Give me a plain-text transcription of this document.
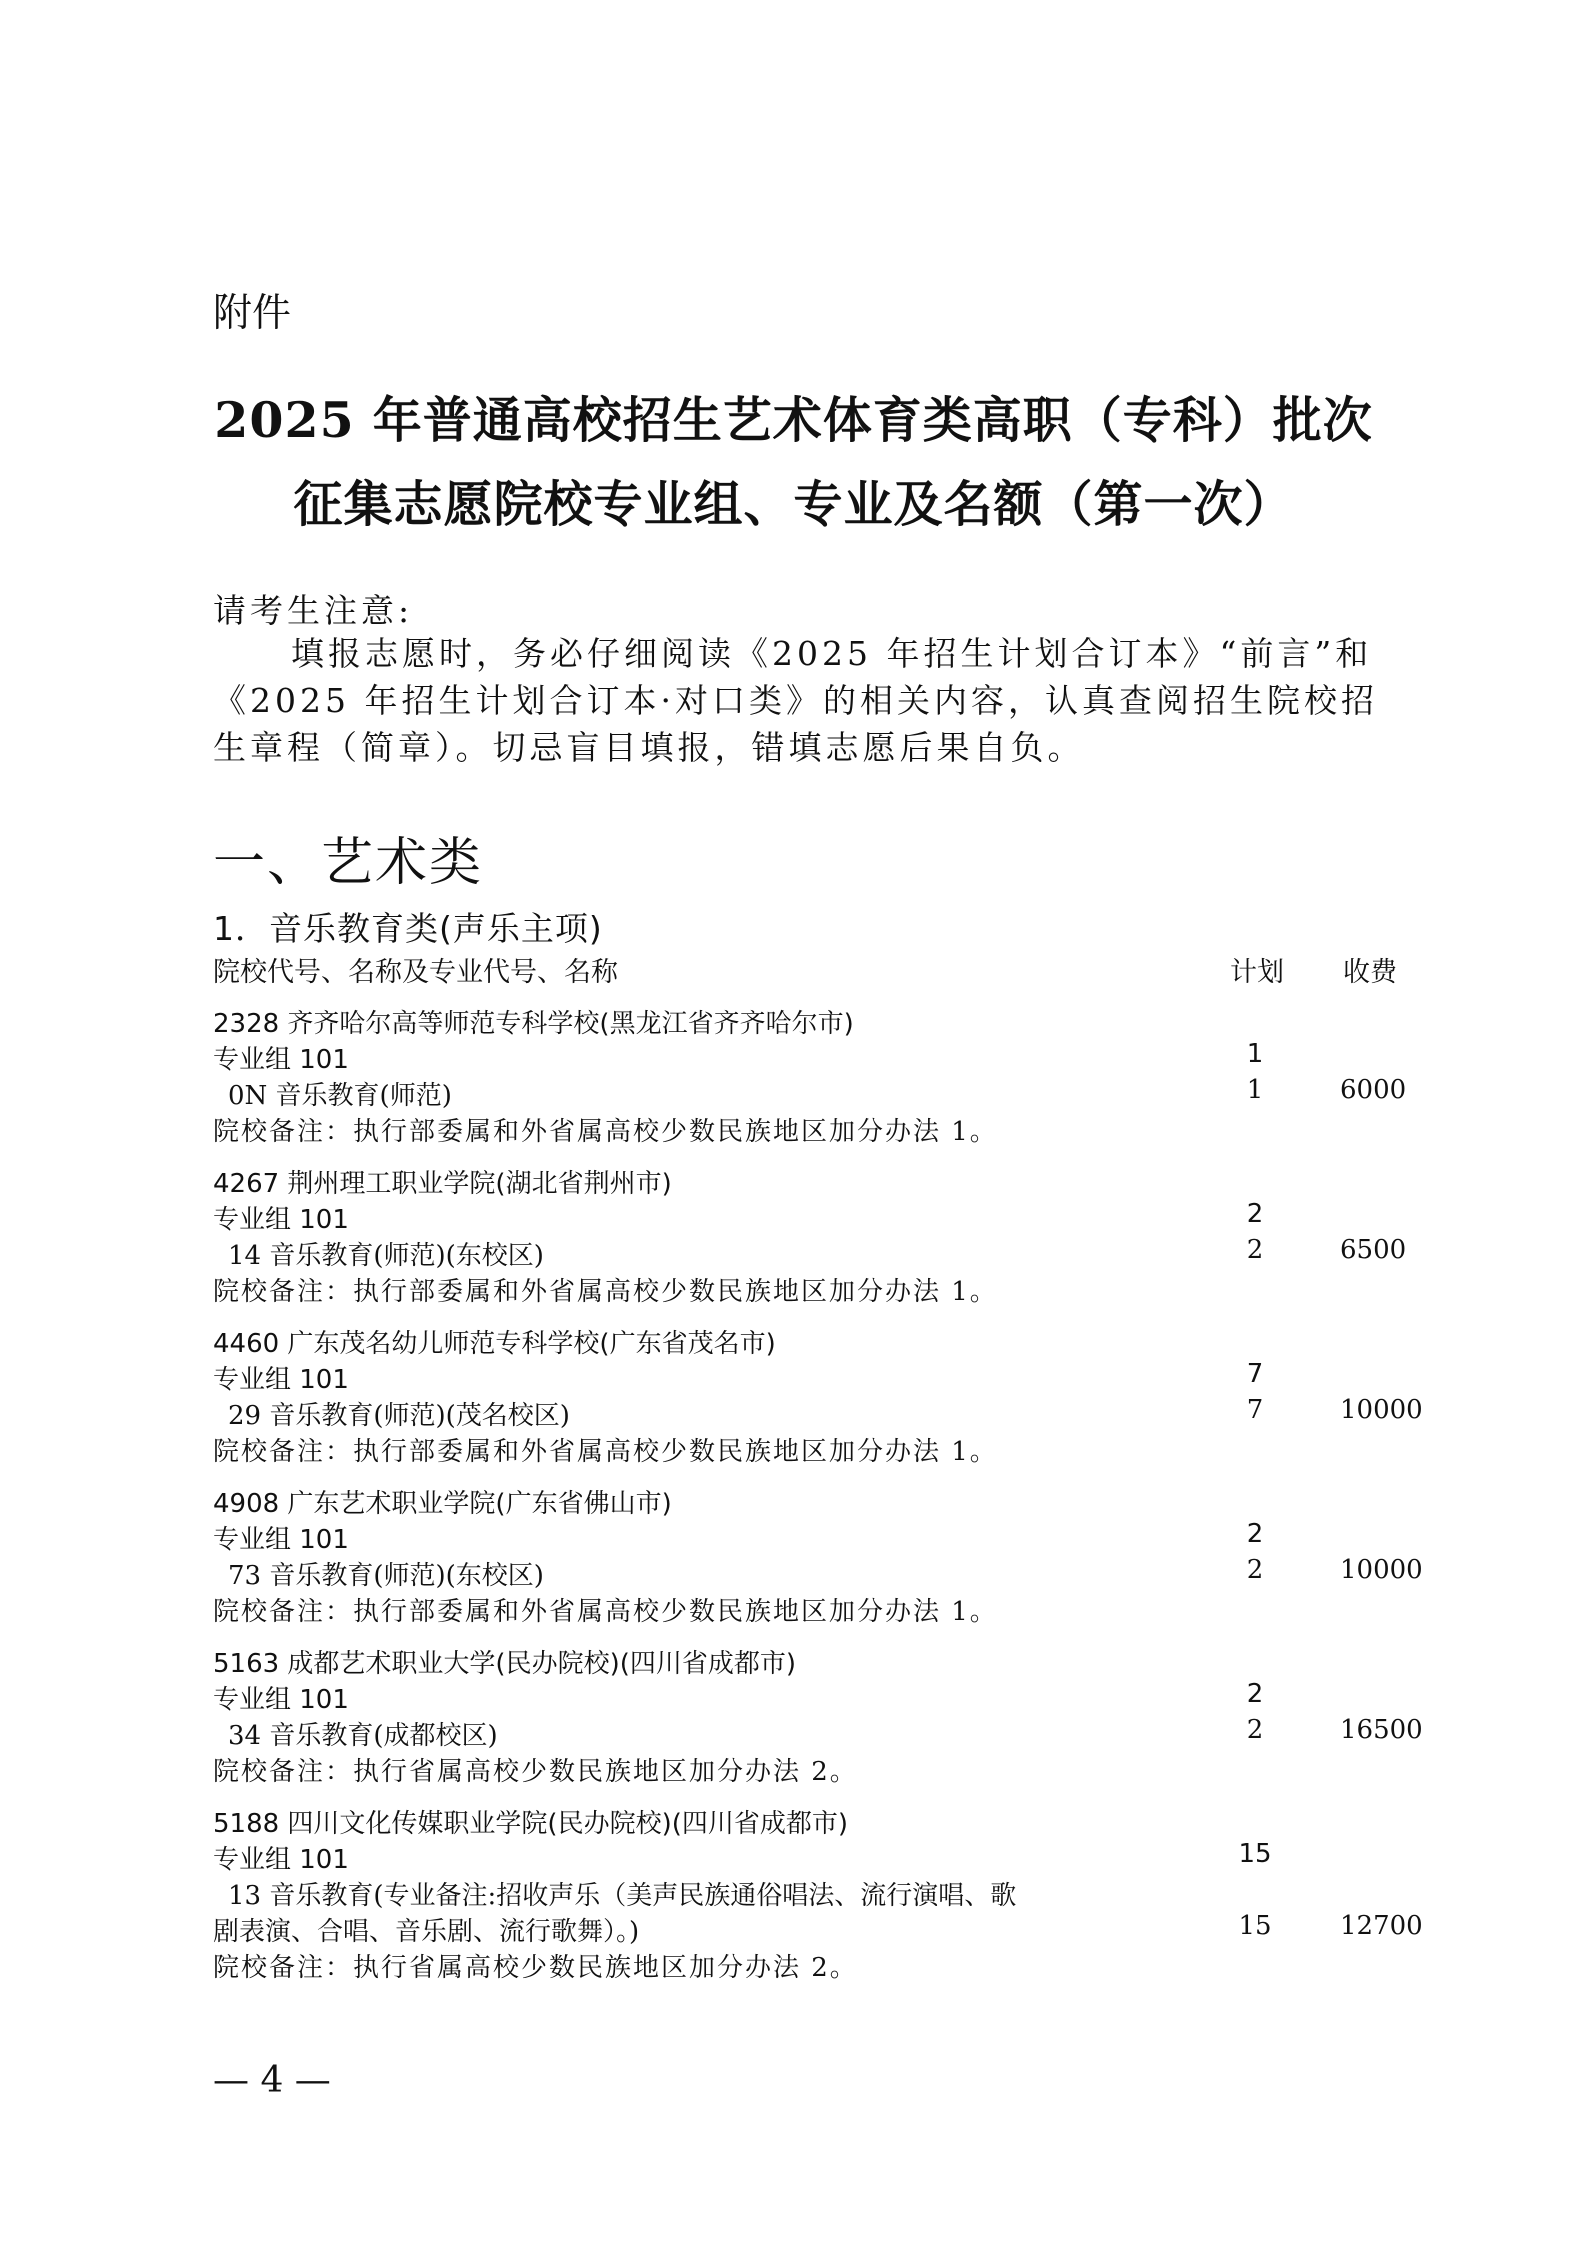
附件
2025 年普通高校招生艺术体育类高职（专科）批次
征集志愿院校专业组、专业及名额（第一次）
请考生注意:

填报志愿时，务必仔细阅读《2025 年招生计划合订本》“前言”和《2025 年招生计划合订本·对口类》的相关内容，认真查阅招生院校招生章程（简章）。切忌盲目填报，错填志愿后果自负。

一、艺术类
1．音乐教育类(声乐主项)
院校代号、名称及专业代号、名称	计划 收费
2328 齐齐哈尔高等师范专科学校(黑龙江省齐齐哈尔市)
专业组 101	1
0N 音乐教育(师范)	1	6000
院校备注：执行部委属和外省属高校少数民族地区加分办法 1。
4267 荆州理工职业学院(湖北省荆州市)
专业组 101	2
14 音乐教育(师范)(东校区)	2	6500
院校备注：执行部委属和外省属高校少数民族地区加分办法 1。
4460 广东茂名幼儿师范专科学校(广东省茂名市)
专业组 101	7
29 音乐教育(师范)(茂名校区)	7	10000
院校备注：执行部委属和外省属高校少数民族地区加分办法 1。
4908 广东艺术职业学院(广东省佛山市)
专业组 101	2
73 音乐教育(师范)(东校区)	2	10000
院校备注：执行部委属和外省属高校少数民族地区加分办法 1。
5163 成都艺术职业大学(民办院校)(四川省成都市)
专业组 101	2
34 音乐教育(成都校区)	2	16500
院校备注：执行省属高校少数民族地区加分办法 2。
5188 四川文化传媒职业学院(民办院校)(四川省成都市)
专业组 101	15
13 音乐教育(专业备注:招收声乐（美声民族通俗唱法、流行演唱、歌
剧表演、合唱、音乐剧、流行歌舞）。)	15	12700
院校备注：执行省属高校少数民族地区加分办法 2。
— 4 —
